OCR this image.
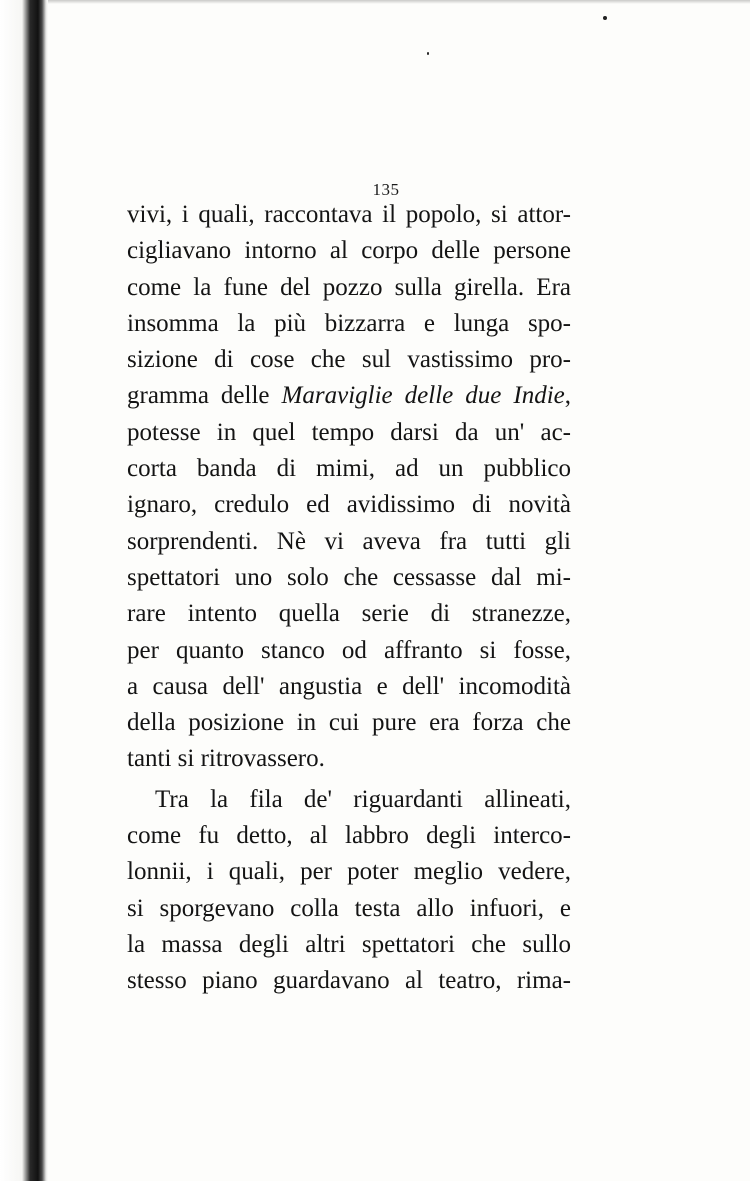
135
vivi, i quali, raccontava il popolo, si attor-
cigliavano intorno al corpo delle persone
come la fune del pozzo sulla girella. Era
insomma la più bizzarra e lunga spo-
sizione di cose che sul vastissimo pro-
gramma delle Maraviglie delle due Indie,
potesse in quel tempo darsi da un' ac-
corta banda di mimi, ad un pubblico
ignaro, credulo ed avidissimo di novità
sorprendenti. Nè vi aveva fra tutti gli
spettatori uno solo che cessasse dal mi-
rare intento quella serie di stranezze,
per quanto stanco od affranto si fosse,
a causa dell' angustia e dell' incomodità
della posizione in cui pure era forza che
tanti si ritrovassero.
Tra la fila de' riguardanti allineati,
come fu detto, al labbro degli interco-
lonnii, i quali, per poter meglio vedere,
si sporgevano colla testa allo infuori, e
la massa degli altri spettatori che sullo
stesso piano guardavano al teatro, rima-
